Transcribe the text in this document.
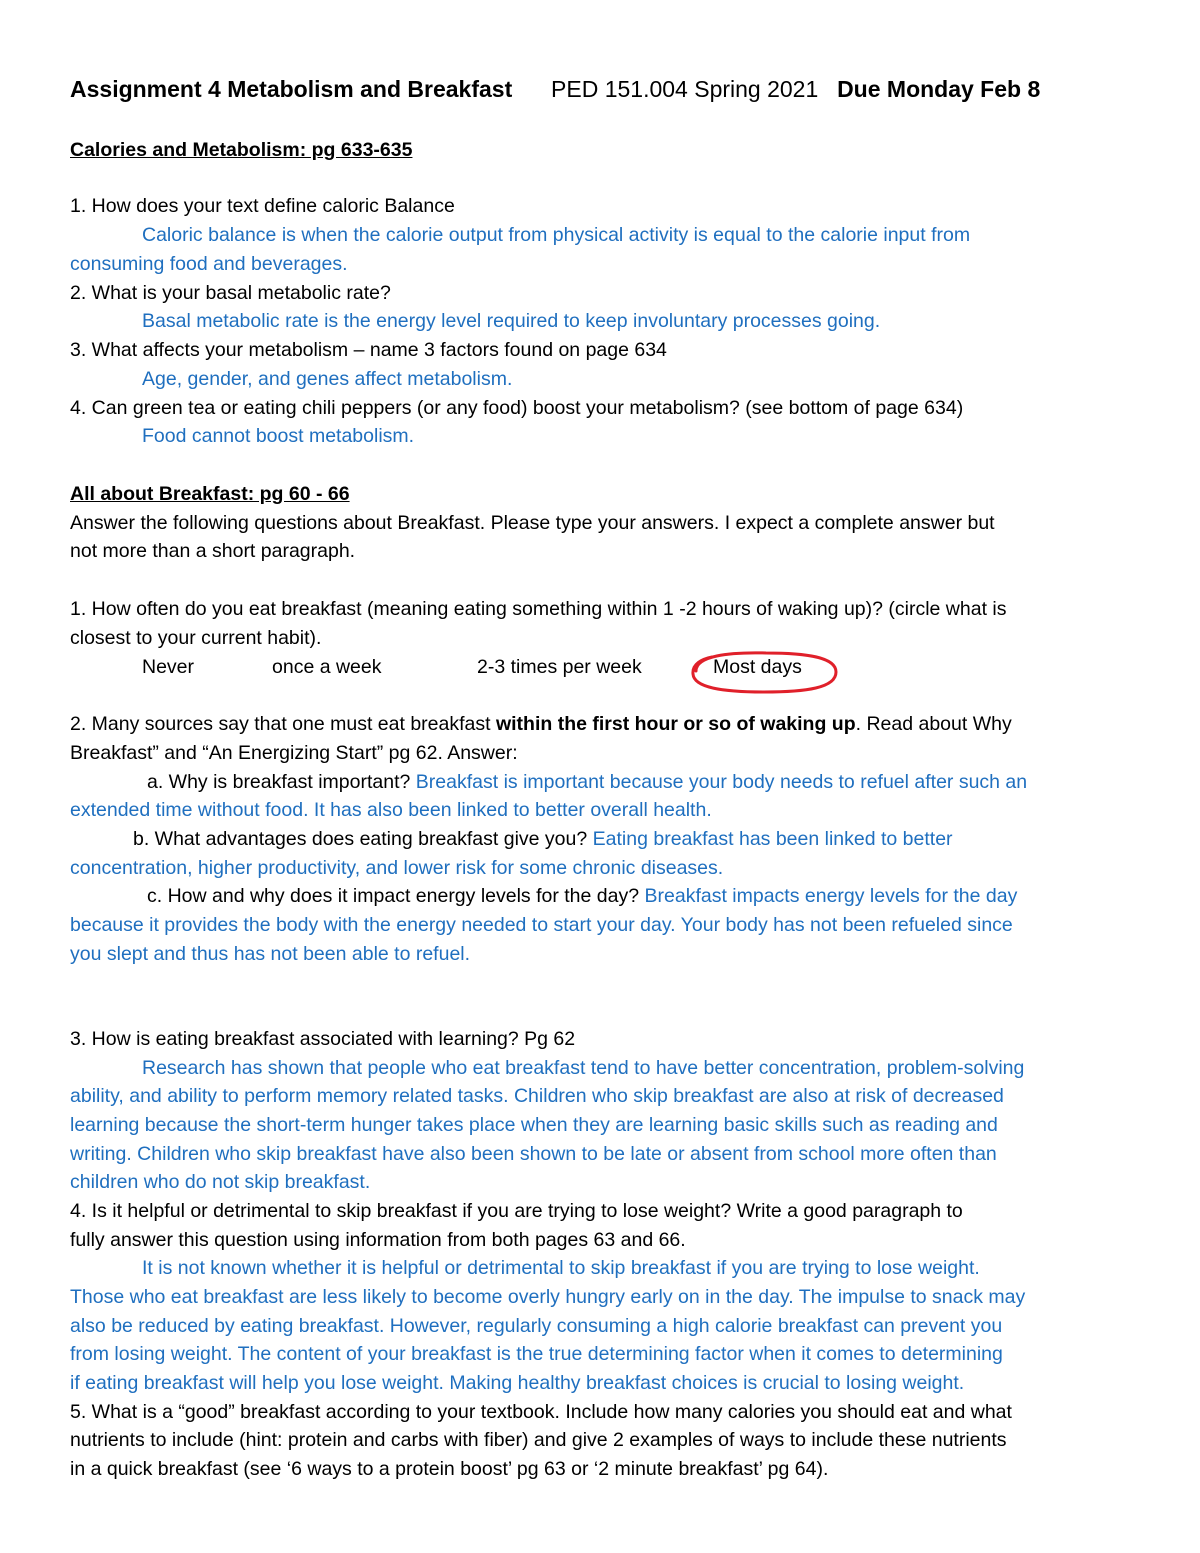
Assignment 4 Metabolism and Breakfast PED 151.004 Spring 2021 Due Monday Feb 8
Calories and Metabolism: pg 633-635
1. How does your text define caloric Balance
Caloric balance is when the calorie output from physical activity is equal to the calorie input from
consuming food and beverages.
2. What is your basal metabolic rate?
Basal metabolic rate is the energy level required to keep involuntary processes going.
3. What affects your metabolism – name 3 factors found on page 634
Age, gender, and genes affect metabolism.
4. Can green tea or eating chili peppers (or any food) boost your metabolism? (see bottom of page 634)
Food cannot boost metabolism.
All about Breakfast: pg 60 - 66
Answer the following questions about Breakfast. Please type your answers. I expect a complete answer but
not more than a short paragraph.
1. How often do you eat breakfast (meaning eating something within 1 -2 hours of waking up)? (circle what is
closest to your current habit).
Never	once a week	2-3 times per week	Most days
2. Many sources say that one must eat breakfast within the first hour or so of waking up. Read about Why
Breakfast” and “An Energizing Start” pg 62. Answer:
a. Why is breakfast important? Breakfast is important because your body needs to refuel after such an
extended time without food. It has also been linked to better overall health.
b. What advantages does eating breakfast give you? Eating breakfast has been linked to better
concentration, higher productivity, and lower risk for some chronic diseases.
c. How and why does it impact energy levels for the day? Breakfast impacts energy levels for the day
because it provides the body with the energy needed to start your day. Your body has not been refueled since
you slept and thus has not been able to refuel.
3. How is eating breakfast associated with learning? Pg 62
Research has shown that people who eat breakfast tend to have better concentration, problem-solving
ability, and ability to perform memory related tasks. Children who skip breakfast are also at risk of decreased
learning because the short-term hunger takes place when they are learning basic skills such as reading and
writing. Children who skip breakfast have also been shown to be late or absent from school more often than
children who do not skip breakfast.
4. Is it helpful or detrimental to skip breakfast if you are trying to lose weight? Write a good paragraph to
fully answer this question using information from both pages 63 and 66.
It is not known whether it is helpful or detrimental to skip breakfast if you are trying to lose weight.
Those who eat breakfast are less likely to become overly hungry early on in the day. The impulse to snack may
also be reduced by eating breakfast. However, regularly consuming a high calorie breakfast can prevent you
from losing weight. The content of your breakfast is the true determining factor when it comes to determining
if eating breakfast will help you lose weight. Making healthy breakfast choices is crucial to losing weight.
5. What is a “good” breakfast according to your textbook. Include how many calories you should eat and what
nutrients to include (hint: protein and carbs with fiber) and give 2 examples of ways to include these nutrients
in a quick breakfast (see ‘6 ways to a protein boost’ pg 63 or ‘2 minute breakfast’ pg 64).
